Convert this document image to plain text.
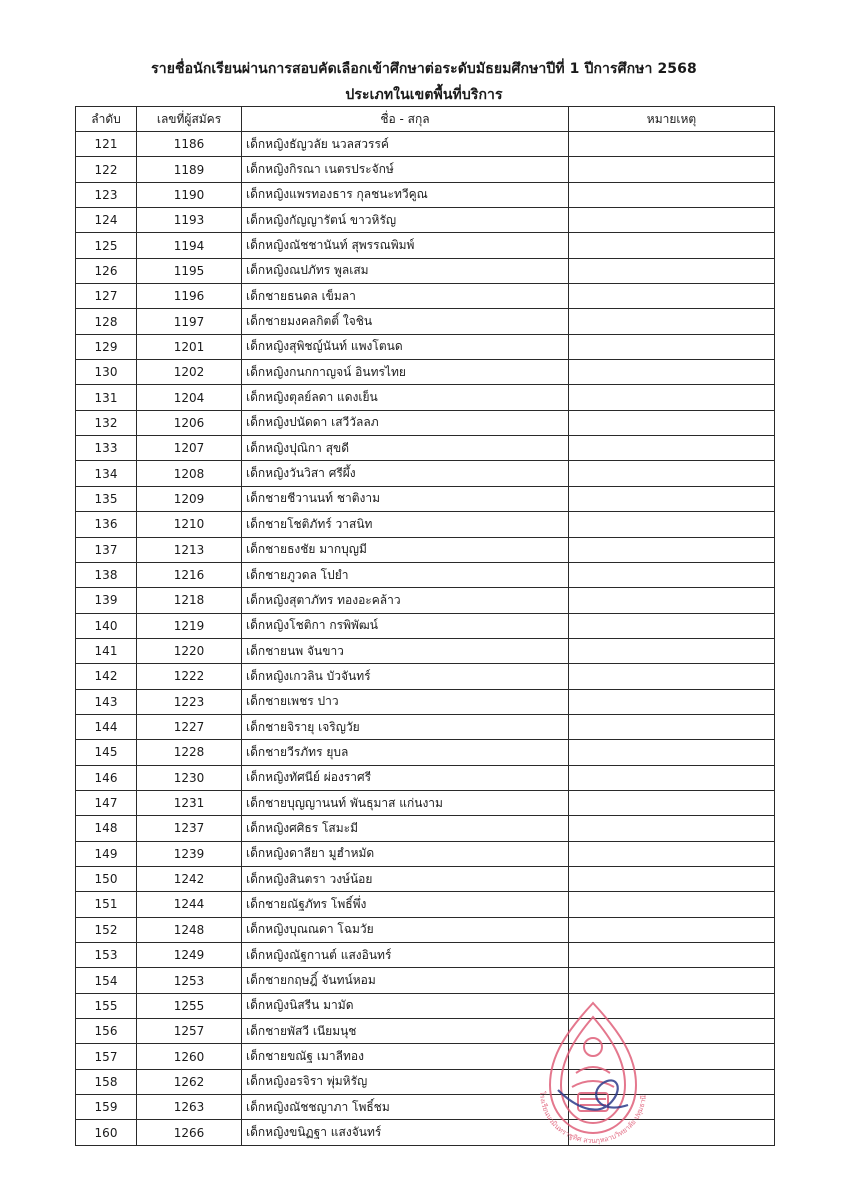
รายชื่อนักเรียนผ่านการสอบคัดเลือกเข้าศึกษาต่อระดับมัธยมศึกษาปีที่ 1 ปีการศึกษา 2568
ประเภทในเขตพื้นที่บริการ
ลำดับ	เลขที่ผู้สมัคร	ชื่อ - สกุล	หมายเหตุ
121	1186	เด็กหญิงธัญวลัย นวลสวรรค์	
122	1189	เด็กหญิงกิรณา เนตรประจักษ์	
123	1190	เด็กหญิงแพรทองธาร กุลชนะทวีคูณ	
124	1193	เด็กหญิงกัญญารัตน์ ขาวหิรัญ	
125	1194	เด็กหญิงณัชชานันท์ สุพรรณพิมพ์	
126	1195	เด็กหญิงณปภัทร พูลเสม	
127	1196	เด็กชายธนดล เข็มลา	
128	1197	เด็กชายมงคลกิตติ์ ใจชิน	
129	1201	เด็กหญิงสุพิชญ์นันท์ แพงโตนด	
130	1202	เด็กหญิงกนกกาญจน์ อินทรไทย	
131	1204	เด็กหญิงตุลย์ลดา แดงเย็น	
132	1206	เด็กหญิงปนัดดา เสวีวัลลภ	
133	1207	เด็กหญิงปุณิกา สุขดี	
134	1208	เด็กหญิงวันวิสา ศรีผึ้ง	
135	1209	เด็กชายชีวานนท์ ชาติงาม	
136	1210	เด็กชายโชติภัทร์ วาสนิท	
137	1213	เด็กชายธงชัย มากบุญมี	
138	1216	เด็กชายภูวดล โปยำ	
139	1218	เด็กหญิงสุตาภัทร ทองอะคล้าว	
140	1219	เด็กหญิงโชติกา กรพิพัฒน์	
141	1220	เด็กชายนพ จันขาว	
142	1222	เด็กหญิงเกวลิน บัวจันทร์	
143	1223	เด็กชายเพชร ปาว	
144	1227	เด็กชายจิรายุ เจริญวัย	
145	1228	เด็กชายวีรภัทร ยุบล	
146	1230	เด็กหญิงทัศนีย์ ผ่องราศรี	
147	1231	เด็กชายบุญญานนท์ พันธุมาส แก่นงาม	
148	1237	เด็กหญิงศศิธร โสมะมี	
149	1239	เด็กหญิงดาลียา มูฮำหมัด	
150	1242	เด็กหญิงสินตรา วงษ์น้อย	
151	1244	เด็กชายณัฐภัทร โพธิ์พึ่ง	
152	1248	เด็กหญิงบุณณดา โฉมวัย	
153	1249	เด็กหญิงณัฐกานต์ แสงอินทร์	
154	1253	เด็กชายกฤษฎิ์ จันทน์หอม	
155	1255	เด็กหญิงนิสรีน มามัด	
156	1257	เด็กชายพัสวี เนียมนุช	
157	1260	เด็กชายขณัฐ เมาลีทอง	
158	1262	เด็กหญิงอรจิรา พุ่มหิรัญ	
159	1263	เด็กหญิงณัชชญาภา โพธิ์ชม	
160	1266	เด็กหญิงขนิฏฐา แสงจันทร์	
โรงเรียนนวมินทราชูทิศ สวนกุหลาบวิทยาลัย ปทุมธานี
